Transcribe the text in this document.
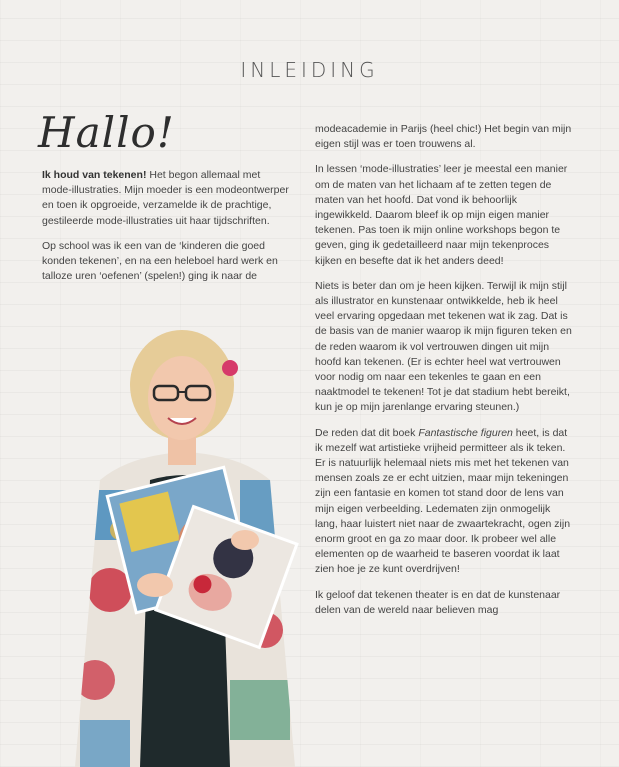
INLEIDING
Hallo!

Ik houd van tekenen! Het begon allemaal met mode-illustraties. Mijn moeder is een modeontwerper en toen ik opgroeide, verzamelde ik de prachtige, gestileerde mode-illustraties uit haar tijdschriften.

Op school was ik een van de ‘kinderen die goed konden tekenen’, en na een heleboel hard werk en talloze uren ‘oefenen’ (spelen!) ging ik naar de

modeacademie in Parijs (heel chic!) Het begin van mijn eigen stijl was er toen trouwens al.

In lessen ‘mode-illustraties’ leer je meestal een manier om de maten van het lichaam af te zetten tegen de maten van het hoofd. Dat vond ik behoorlijk ingewikkeld. Daarom bleef ik op mijn eigen manier tekenen. Pas toen ik mijn online workshops begon te geven, ging ik gedetailleerd naar mijn tekenproces kijken en besefte dat ik het anders deed!

Niets is beter dan om je heen kijken. Terwijl ik mijn stijl als illustrator en kunstenaar ontwikkelde, heb ik heel veel ervaring opgedaan met tekenen wat ik zag. Dat is de basis van de manier waarop ik mijn figuren teken en de reden waarom ik vol vertrouwen dingen uit mijn hoofd kan tekenen. (Er is echter heel wat vertrouwen voor nodig om naar een tekenles te gaan en een naaktmodel te tekenen! Tot je dat stadium hebt bereikt, kun je op mijn jarenlange ervaring steunen.)

De reden dat dit boek Fantastische figuren heet, is dat ik mezelf wat artistieke vrijheid permitteer als ik teken. Er is natuurlijk helemaal niets mis met het tekenen van mensen zoals ze er echt uitzien, maar mijn tekeningen zijn een fantasie en komen tot stand door de lens van mijn eigen verbeelding. Ledematen zijn onmogelijk lang, haar luistert niet naar de zwaartekracht, ogen zijn enorm groot en ga zo maar door. Ik probeer wel alle elementen op de waarheid te baseren voordat ik laat zien hoe je ze kunt overdrijven!

Ik geloof dat tekenen theater is en dat de kunstenaar delen van de wereld naar believen mag
